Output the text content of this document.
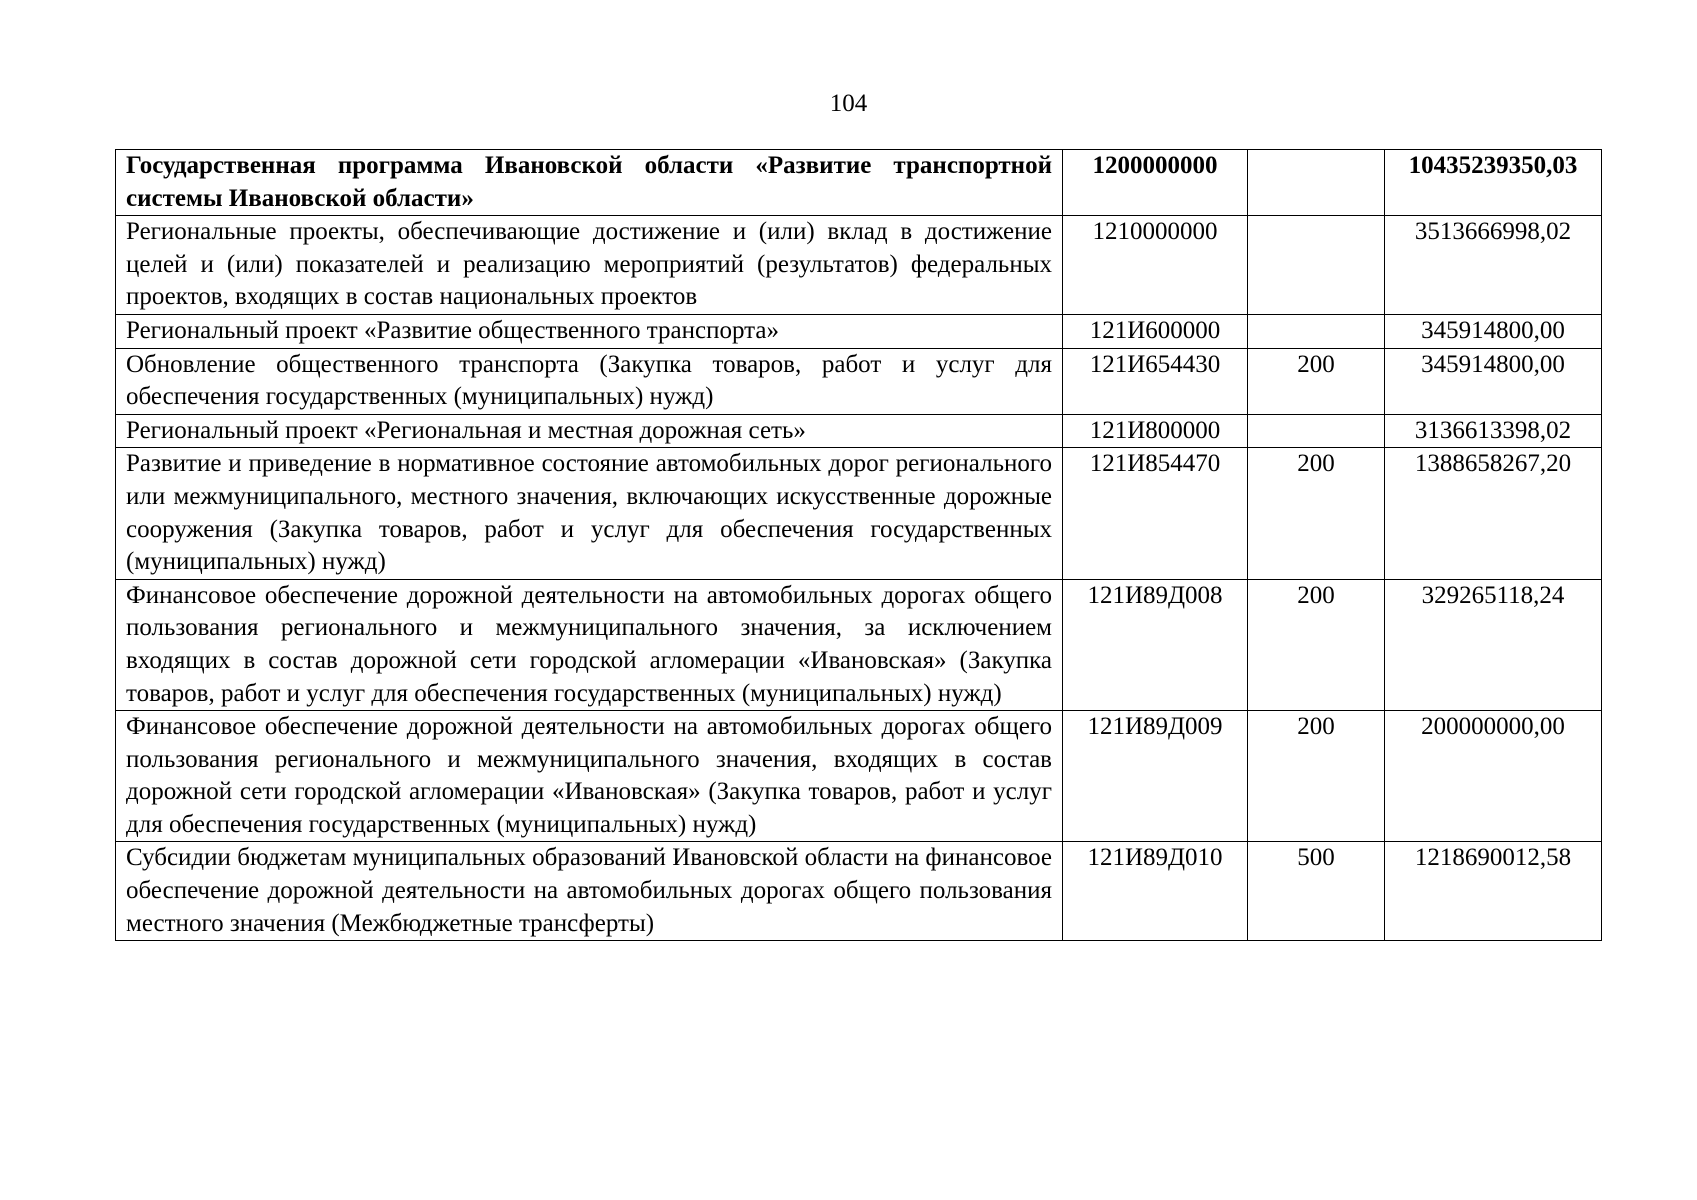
104
Государственная программа Ивановской области «Развитие транспортной системы Ивановской области»	1200000000		10435239350,03
Региональные проекты, обеспечивающие достижение и (или) вклад в достижение целей и (или) показателей и реализацию мероприятий (результатов) федеральных проектов, входящих в состав национальных проектов	1210000000		3513666998,02
Региональный проект «Развитие общественного транспорта»	121И600000		345914800,00
Обновление общественного транспорта (Закупка товаров, работ и услуг для обеспечения государственных (муниципальных) нужд)	121И654430	200	345914800,00
Региональный проект «Региональная и местная дорожная сеть»	121И800000		3136613398,02
Развитие и приведение в нормативное состояние автомобильных дорог регионального или межмуниципального, местного значения, включающих искусственные дорожные сооружения (Закупка товаров, работ и услуг для обеспечения государственных (муниципальных) нужд)	121И854470	200	1388658267,20
Финансовое обеспечение дорожной деятельности на автомобильных дорогах общего пользования регионального и межмуниципального значения, за исключением входящих в состав дорожной сети городской агломерации «Ивановская» (Закупка товаров, работ и услуг для обеспечения государственных (муниципальных) нужд)	121И89Д008	200	329265118,24
Финансовое обеспечение дорожной деятельности на автомобильных дорогах общего пользования регионального и межмуниципального значения, входящих в состав дорожной сети городской агломерации «Ивановская» (Закупка товаров, работ и услуг для обеспечения государственных (муниципальных) нужд)	121И89Д009	200	200000000,00
Субсидии бюджетам муниципальных образований Ивановской области на финансовое обеспечение дорожной деятельности на автомобильных дорогах общего пользования местного значения (Межбюджетные трансферты)	121И89Д010	500	1218690012,58
